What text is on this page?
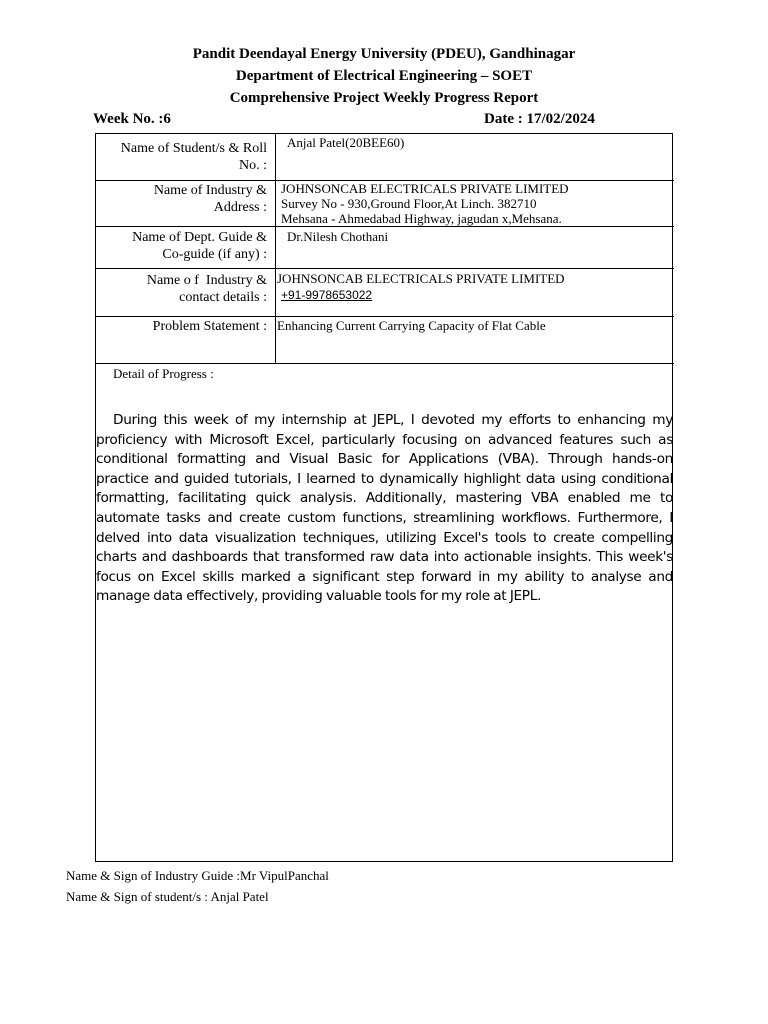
Pandit Deendayal Energy University (PDEU), Gandhinagar
Department of Electrical Engineering – SOET
Comprehensive Project Weekly Progress Report
Week No. :6	Date : 17/02/2024
Name of Student/s & Roll
No. :
Anjal Patel(20BEE60)
Name of Industry &
Address :
JOHNSONCAB ELECTRICALS PRIVATE LIMITED
Survey No - 930,Ground Floor,At Linch. 382710
Mehsana - Ahmedabad Highway, jagudan x,Mehsana.
Name of Dept. Guide &
Co-guide (if any) :
Dr.Nilesh Chothani
Name o f  Industry &
contact details :
JOHNSONCAB ELECTRICALS PRIVATE LIMITED
+91-9978653022
Problem Statement : Enhancing Current Carrying Capacity of Flat Cable
Detail of Progress :
During this week of my internship at JEPL, I devoted my efforts to enhancing my proficiency with Microsoft Excel, particularly focusing on advanced features such as conditional formatting and Visual Basic for Applications (VBA). Through hands-on practice and guided tutorials, I learned to dynamically highlight data using conditional formatting, facilitating quick analysis. Additionally, mastering VBA enabled me to automate tasks and create custom functions, streamlining workflows. Furthermore, I delved into data visualization techniques, utilizing Excel's tools to create compelling charts and dashboards that transformed raw data into actionable insights. This week's focus on Excel skills marked a significant step forward in my ability to analyse and manage data effectively, providing valuable tools for my role at JEPL.
Name & Sign of Industry Guide :Mr VipulPanchal
Name & Sign of student/s : Anjal Patel
